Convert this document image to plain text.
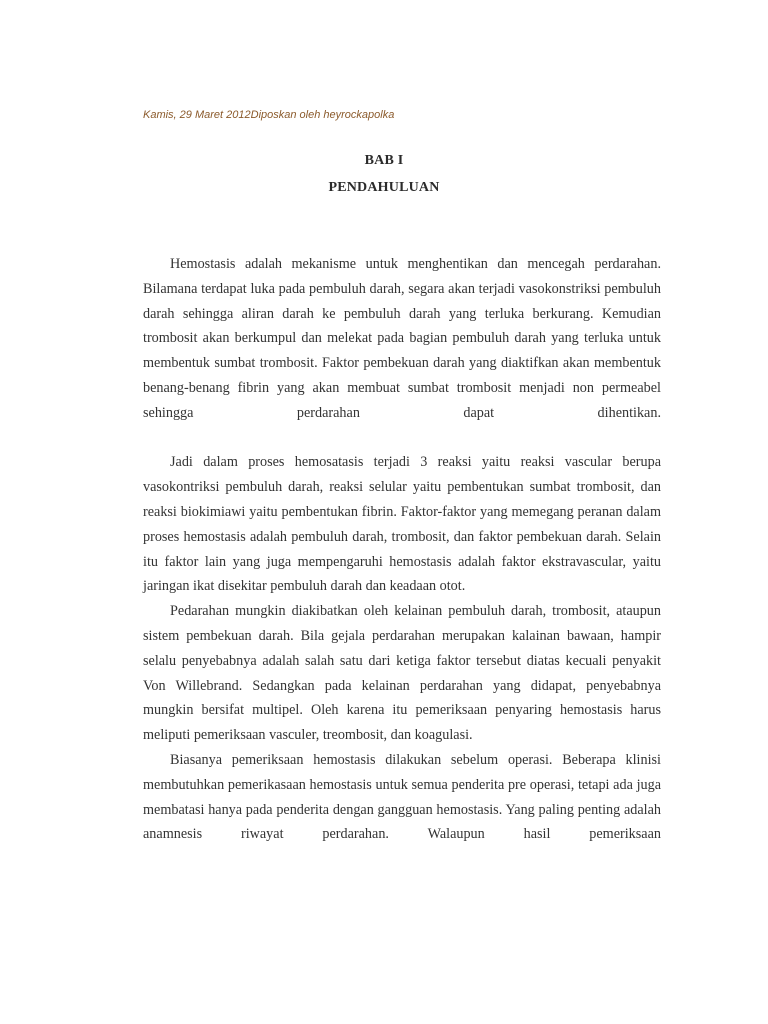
Kamis, 29 Maret 2012Diposkan oleh heyrockapolka
BAB I
PENDAHULUAN

Hemostasis adalah mekanisme untuk menghentikan dan mencegah perdarahan. Bilamana terdapat luka pada pembuluh darah, segara akan terjadi vasokonstriksi pembuluh darah sehingga aliran darah ke pembuluh darah yang terluka berkurang. Kemudian trombosit akan berkumpul dan melekat pada bagian pembuluh darah yang terluka untuk membentuk sumbat trombosit. Faktor pembekuan darah yang diaktifkan akan membentuk benang-benang fibrin yang akan membuat sumbat trombosit menjadi non permeabel sehingga perdarahan dapat dihentikan.

Jadi dalam proses hemosatasis terjadi 3 reaksi yaitu reaksi vascular berupa vasokontriksi pembuluh darah, reaksi selular yaitu pembentukan sumbat trombosit, dan reaksi biokimiawi yaitu pembentukan fibrin. Faktor-faktor yang memegang peranan dalam proses hemostasis adalah pembuluh darah, trombosit, dan faktor pembekuan darah. Selain itu faktor lain yang juga mempengaruhi hemostasis adalah faktor ekstravascular, yaitu jaringan ikat disekitar pembuluh darah dan keadaan otot.

Pedarahan mungkin diakibatkan oleh kelainan pembuluh darah, trombosit, ataupun sistem pembekuan darah. Bila gejala perdarahan merupakan kalainan bawaan, hampir selalu penyebabnya adalah salah satu dari ketiga faktor tersebut diatas kecuali penyakit Von Willebrand. Sedangkan pada kelainan perdarahan yang didapat, penyebabnya mungkin bersifat multipel. Oleh karena itu pemeriksaan penyaring hemostasis harus meliputi pemeriksaan vasculer, treombosit, dan koagulasi.

Biasanya pemeriksaan hemostasis dilakukan sebelum operasi. Beberapa klinisi membutuhkan pemerikasaan hemostasis untuk semua penderita pre operasi, tetapi ada juga membatasi hanya pada penderita dengan gangguan hemostasis. Yang paling penting adalah anamnesis riwayat perdarahan. Walaupun hasil pemeriksaan
